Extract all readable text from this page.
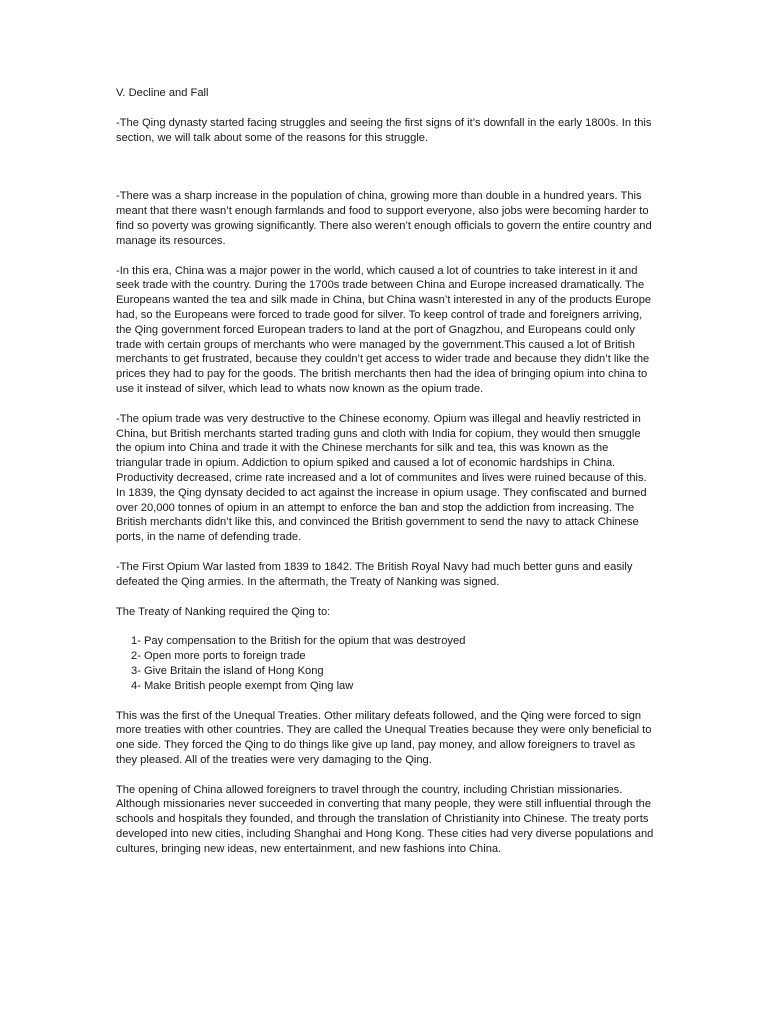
V. Decline and Fall

-The Qing dynasty started facing struggles and seeing the first signs of it’s downfall in the early 1800s. In this section, we will talk about some of the reasons for this struggle.

-There was a sharp increase in the population of china, growing more than double in a hundred years. This meant that there wasn’t enough farmlands and food to support everyone, also jobs were becoming harder to find so poverty was growing significantly. There also weren’t enough officials to govern the entire country and manage its resources.

-In this era, China was a major power in the world, which caused a lot of countries to take interest in it and seek trade with the country. During the 1700s trade between China and Europe increased dramatically. The Europeans wanted the tea and silk made in China, but China wasn’t interested in any of the products Europe had, so the Europeans were forced to trade good for silver. To keep control of trade and foreigners arriving, the Qing government forced European traders to land at the port of Gnagzhou, and Europeans could only trade with certain groups of merchants who were managed by the government.This caused a lot of British merchants to get frustrated, because they couldn’t get access to wider trade and because they didn’t like the prices they had to pay for the goods. The british merchants then had the idea of bringing opium into china to use it instead of silver, which lead to whats now known as the opium trade.

-The opium trade was very destructive to the Chinese economy. Opium was illegal and heavliy restricted in China, but British merchants started trading guns and cloth with India for copium, they would then smuggle the opium into China and trade it with the Chinese merchants for silk and tea, this was known as the triangular trade in opium. Addiction to opium spiked and caused a lot of economic hardships in China. Productivity decreased, crime rate increased and a lot of communites and lives were ruined because of this. In 1839, the Qing dynsaty decided to act against the increase in opium usage. They confiscated and burned over 20,000 tonnes of opium in an attempt to enforce the ban and stop the addiction from increasing. The British merchants didn’t like this, and convinced the British government to send the navy to attack Chinese ports, in the name of defending trade.

-The First Opium War lasted from 1839 to 1842. The British Royal Navy had much better guns and easily defeated the Qing armies. In the aftermath, the Treaty of Nanking was signed.

The Treaty of Nanking required the Qing to:

1- Pay compensation to the British for the opium that was destroyed
2- Open more ports to foreign trade
3- Give Britain the island of Hong Kong
4- Make British people exempt from Qing law

This was the first of the Unequal Treaties. Other military defeats followed, and the Qing were forced to sign more treaties with other countries. They are called the Unequal Treaties because they were only beneficial to one side. They forced the Qing to do things like give up land, pay money, and allow foreigners to travel as they pleased. All of the treaties were very damaging to the Qing.

The opening of China allowed foreigners to travel through the country, including Christian missionaries. Although missionaries never succeeded in converting that many people, they were still influential through the schools and hospitals they founded, and through the translation of Christianity into Chinese. The treaty ports developed into new cities, including Shanghai and Hong Kong. These cities had very diverse populations and cultures, bringing new ideas, new entertainment, and new fashions into China.
